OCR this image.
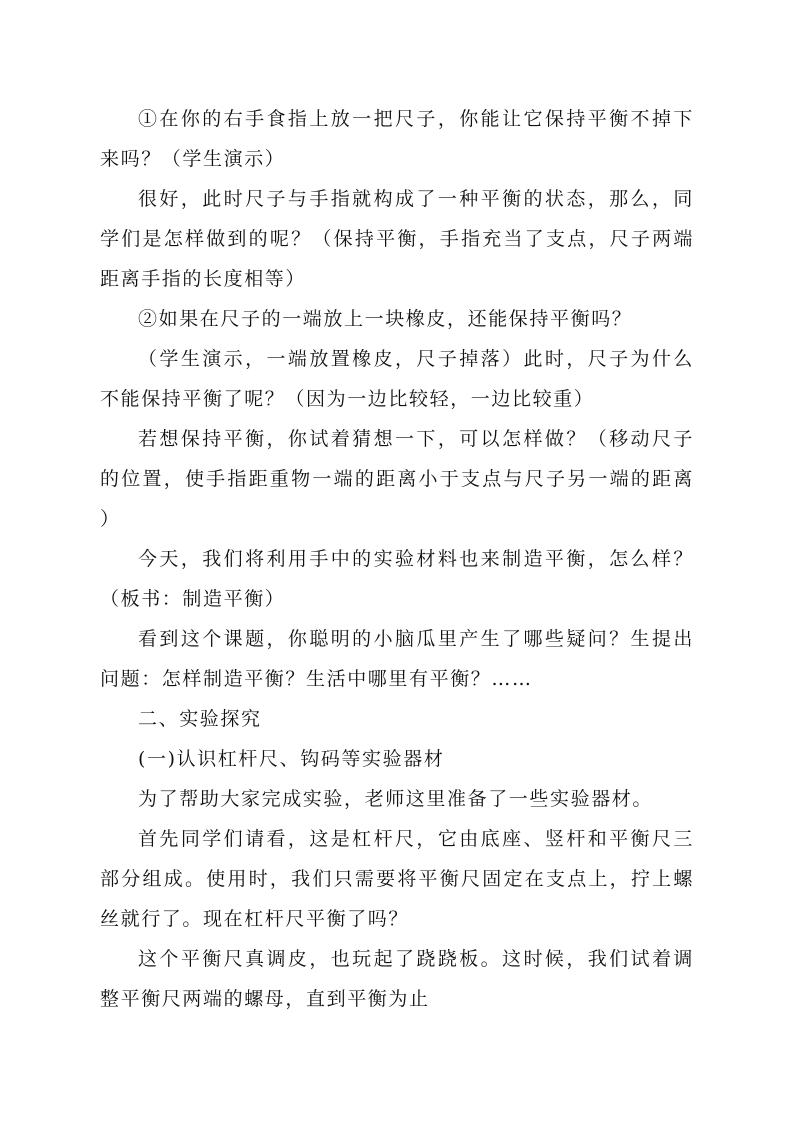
①在你的右手食指上放一把尺子，你能让它保持平衡不掉下来吗？（学生演示）

很好，此时尺子与手指就构成了一种平衡的状态，那么，同学们是怎样做到的呢？（保持平衡，手指充当了支点，尺子两端距离手指的长度相等）

②如果在尺子的一端放上一块橡皮，还能保持平衡吗？

（学生演示，一端放置橡皮，尺子掉落）此时，尺子为什么不能保持平衡了呢？（因为一边比较轻，一边比较重）

若想保持平衡，你试着猜想一下，可以怎样做？（移动尺子的位置，使手指距重物一端的距离小于支点与尺子另一端的距离 ）

今天，我们将利用手中的实验材料也来制造平衡，怎么样？（板书：制造平衡）

看到这个课题，你聪明的小脑瓜里产生了哪些疑问？生提出问题：怎样制造平衡？生活中哪里有平衡？……

二、实验探究

(一)认识杠杆尺、钩码等实验器材

为了帮助大家完成实验，老师这里准备了一些实验器材。

首先同学们请看，这是杠杆尺，它由底座、竖杆和平衡尺三部分组成。使用时，我们只需要将平衡尺固定在支点上，拧上螺丝就行了。现在杠杆尺平衡了吗？

这个平衡尺真调皮，也玩起了跷跷板。这时候，我们试着调整平衡尺两端的螺母，直到平衡为止
